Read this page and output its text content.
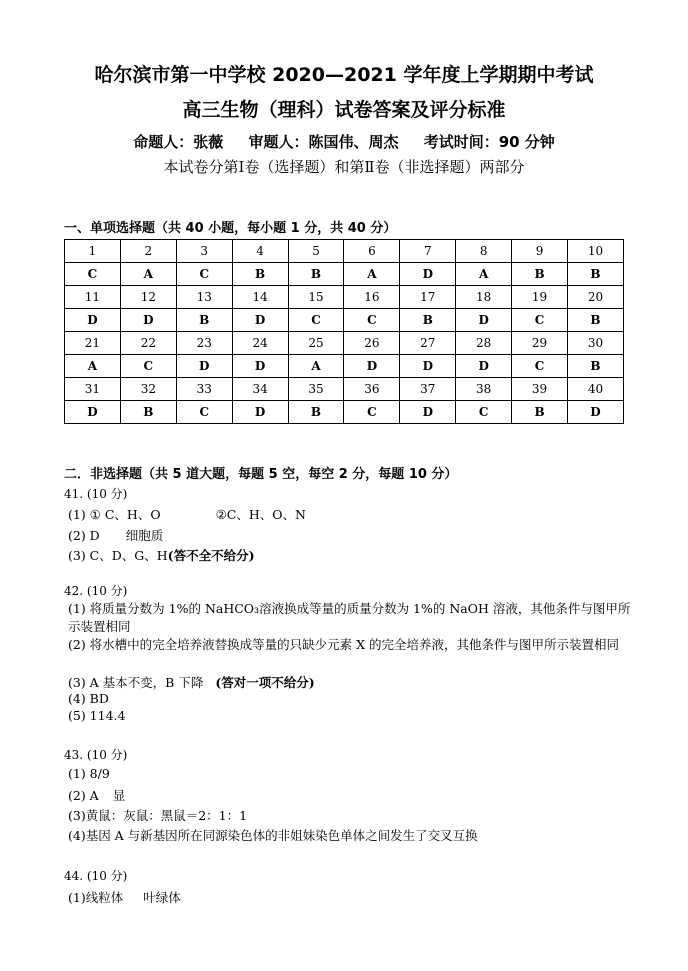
哈尔滨市第一中学校 2020—2021 学年度上学期期中考试
高三生物（理科）试卷答案及评分标准
命题人：张薇 审题人：陈国伟、周杰 考试时间：90 分钟
本试卷分第Ⅰ卷（选择题）和第Ⅱ卷（非选择题）两部分
一、单项选择题（共 40 小题，每小题 1 分，共 40 分）
1	2	3	4	5	6	7	8	9	10
C	A	C	B	B	A	D	A	B	B
11	12	13	14	15	16	17	18	19	20
D	D	B	D	C	C	B	D	C	B
21	22	23	24	25	26	27	28	29	30
A	C	D	D	A	D	D	D	C	B
31	32	33	34	35	36	37	38	39	40
D	B	C	D	B	C	D	C	B	D
二．非选择题（共 5 道大题，每题 5 空，每空 2 分，每题 10 分）
41. (10 分)
(1) ① C、H、O	②C、H、O、N
(2) D 细胞质
(3) C、D、G、H(答不全不给分)
42. (10 分)
(1) 将质量分数为 1%的 NaHCO₃溶液换成等量的质量分数为 1%的 NaOH 溶液，其他条件与图甲所示装置相同
(2) 将水槽中的完全培养液替换成等量的只缺少元素 X 的完全培养液，其他条件与图甲所示装置相同
(3) A 基本不变，B 下降 (答对一项不给分)
(4) BD
(5) 114.4
43. (10 分)
(1) 8/9
(2) A 显
(3)黄鼠：灰鼠：黑鼠＝2：1：1
(4)基因 A 与新基因所在同源染色体的非姐妹染色单体之间发生了交叉互换
44. (10 分)
(1)线粒体 叶绿体
